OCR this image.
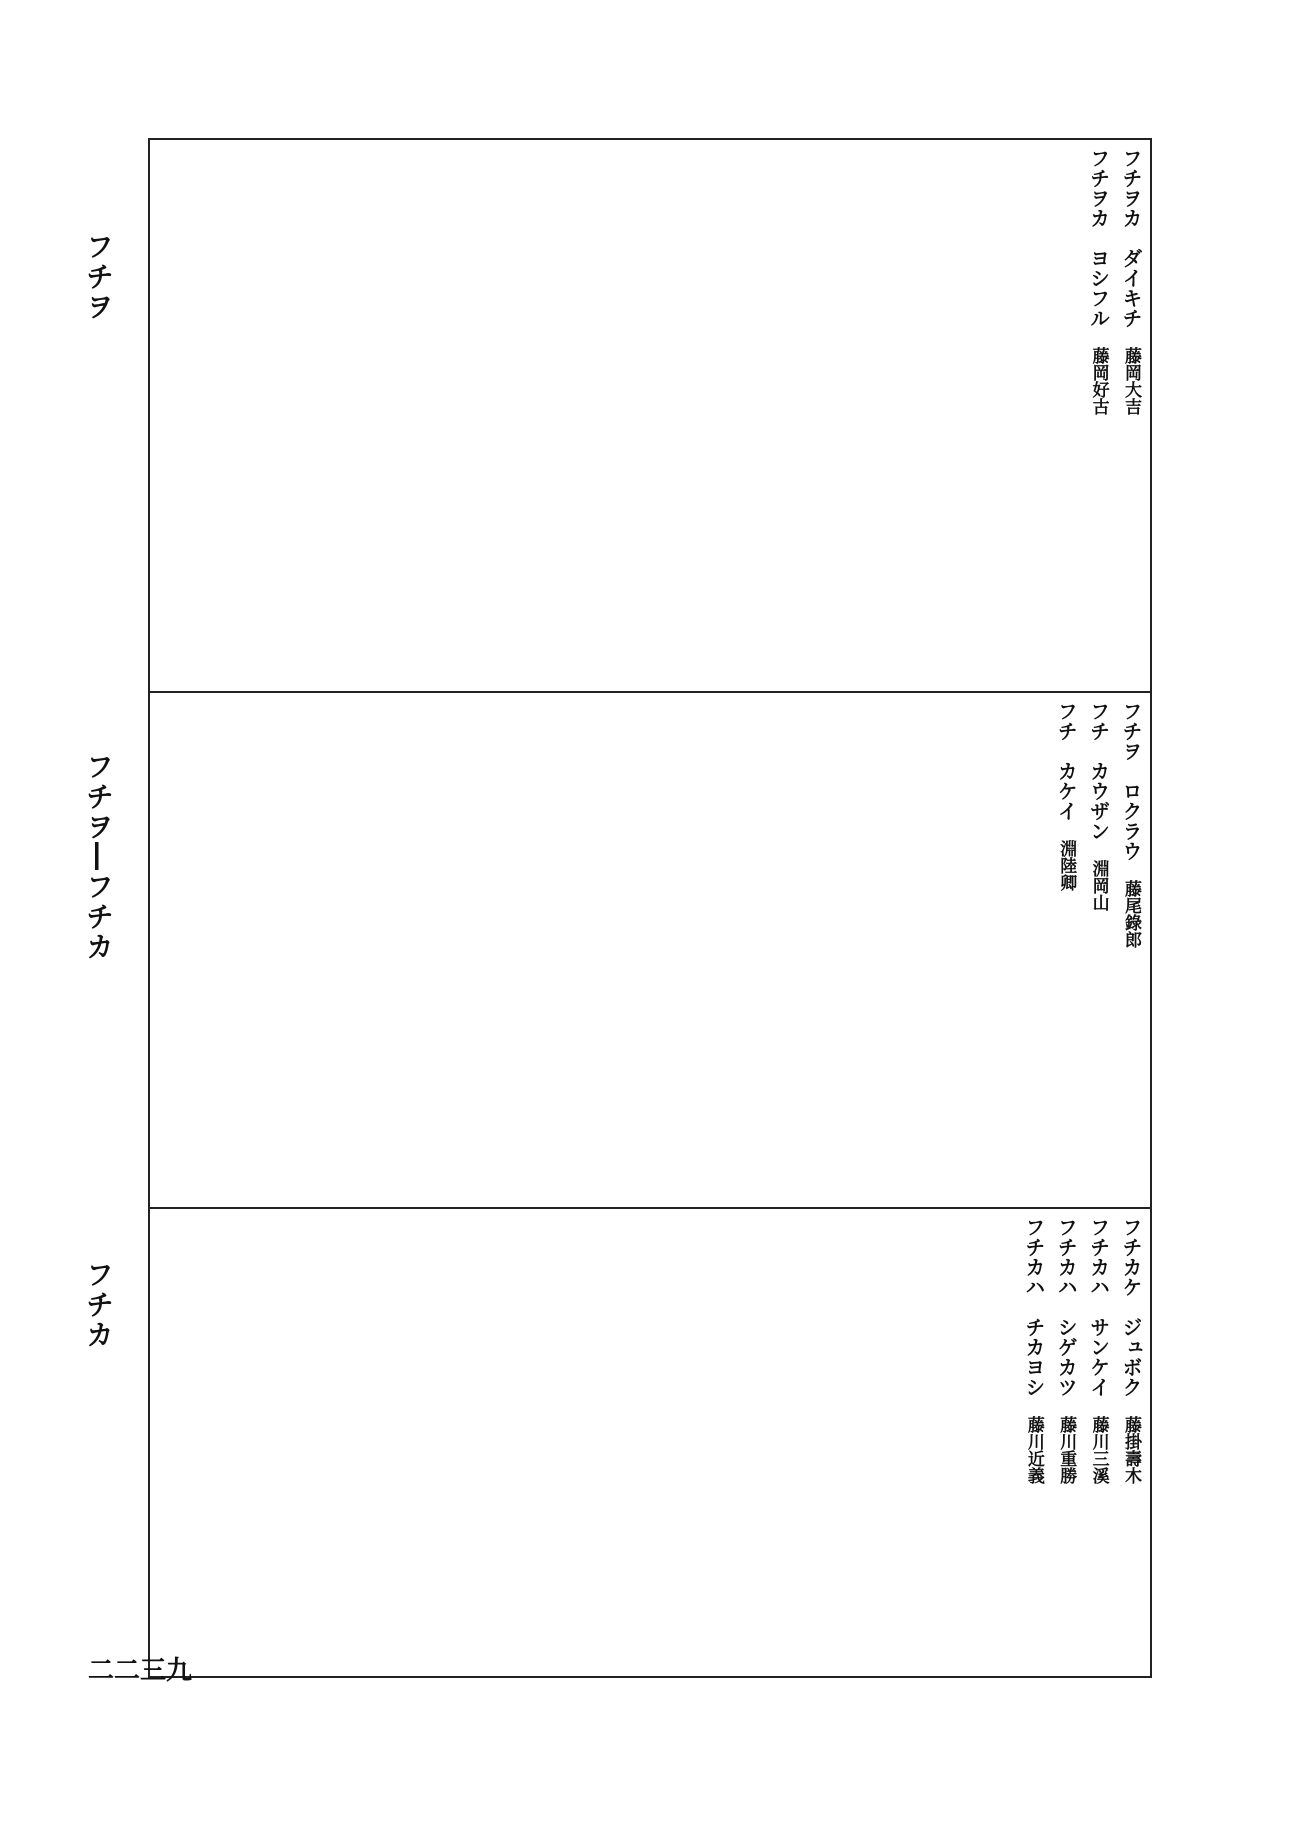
フチヲ
フチヲ―フチカ
フチカ
フチヲカ　ダイキチ 藤岡大吉
フチヲカ　ヨシフル 藤岡好古
フチヲ　ロクラウ 藤尾錄郎
フチ　カウザン 淵岡山
フチ　カケイ 淵陸卿
フチカケ　ジュボク 藤掛壽木
フチカハ　サンケイ 藤川三溪
フチカハ　シゲカツ 藤川重勝
フチカハ　チカヨシ 藤川近義
二二三九
